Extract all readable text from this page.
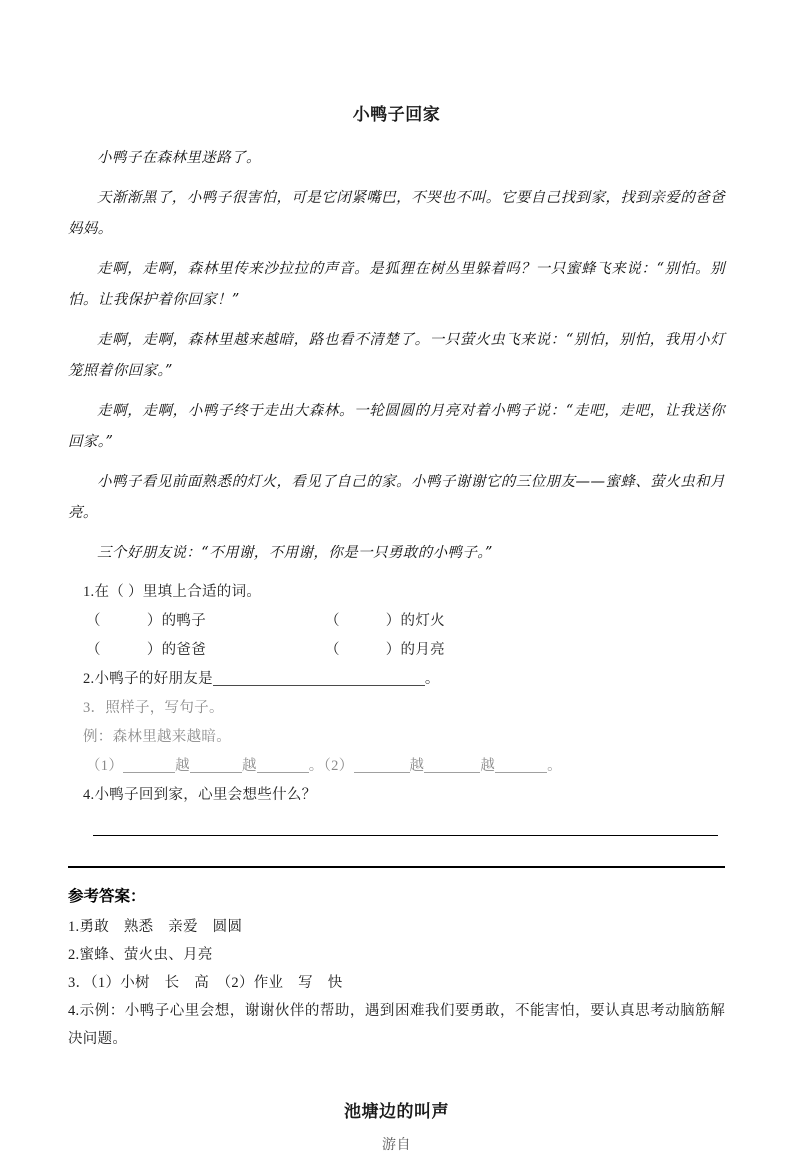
小鸭子回家

小鸭子在森林里迷路了。

天渐渐黑了，小鸭子很害怕，可是它闭紧嘴巴，不哭也不叫。它要自己找到家，找到亲爱的爸爸妈妈。

走啊，走啊，森林里传来沙拉拉的声音。是狐狸在树丛里躲着吗？一只蜜蜂飞来说：“别怕。别怕。让我保护着你回家！”

走啊，走啊，森林里越来越暗，路也看不清楚了。一只萤火虫飞来说：“别怕，别怕，我用小灯笼照着你回家。”

走啊，走啊，小鸭子终于走出大森林。一轮圆圆的月亮对着小鸭子说：“走吧，走吧，让我送你回家。”

小鸭子看见前面熟悉的灯火，看见了自己的家。小鸭子谢谢它的三位朋友——蜜蜂、萤火虫和月亮。

三个好朋友说：“不用谢，不用谢，你是一只勇敢的小鸭子。”

1.在（ ）里填上合适的词。
（	）的鸭子	（	）的灯火
（	）的爸爸	（	）的月亮
2.小鸭子的好朋友是	。
3．照样子，写句子。
例：森林里越来越暗。
（1）	越	越	。（2）	越	越	。
4.小鸭子回到家，心里会想些什么？
参考答案：
1.勇敢　熟悉　亲爱　圆圆
2.蜜蜂、萤火虫、月亮
3．（1）小树　长　高　（2）作业　写　快
4.示例：小鸭子心里会想，谢谢伙伴的帮助，遇到困难我们要勇敢，不能害怕，要认真思考动脑筋解决问题。
池塘边的叫声
游自
